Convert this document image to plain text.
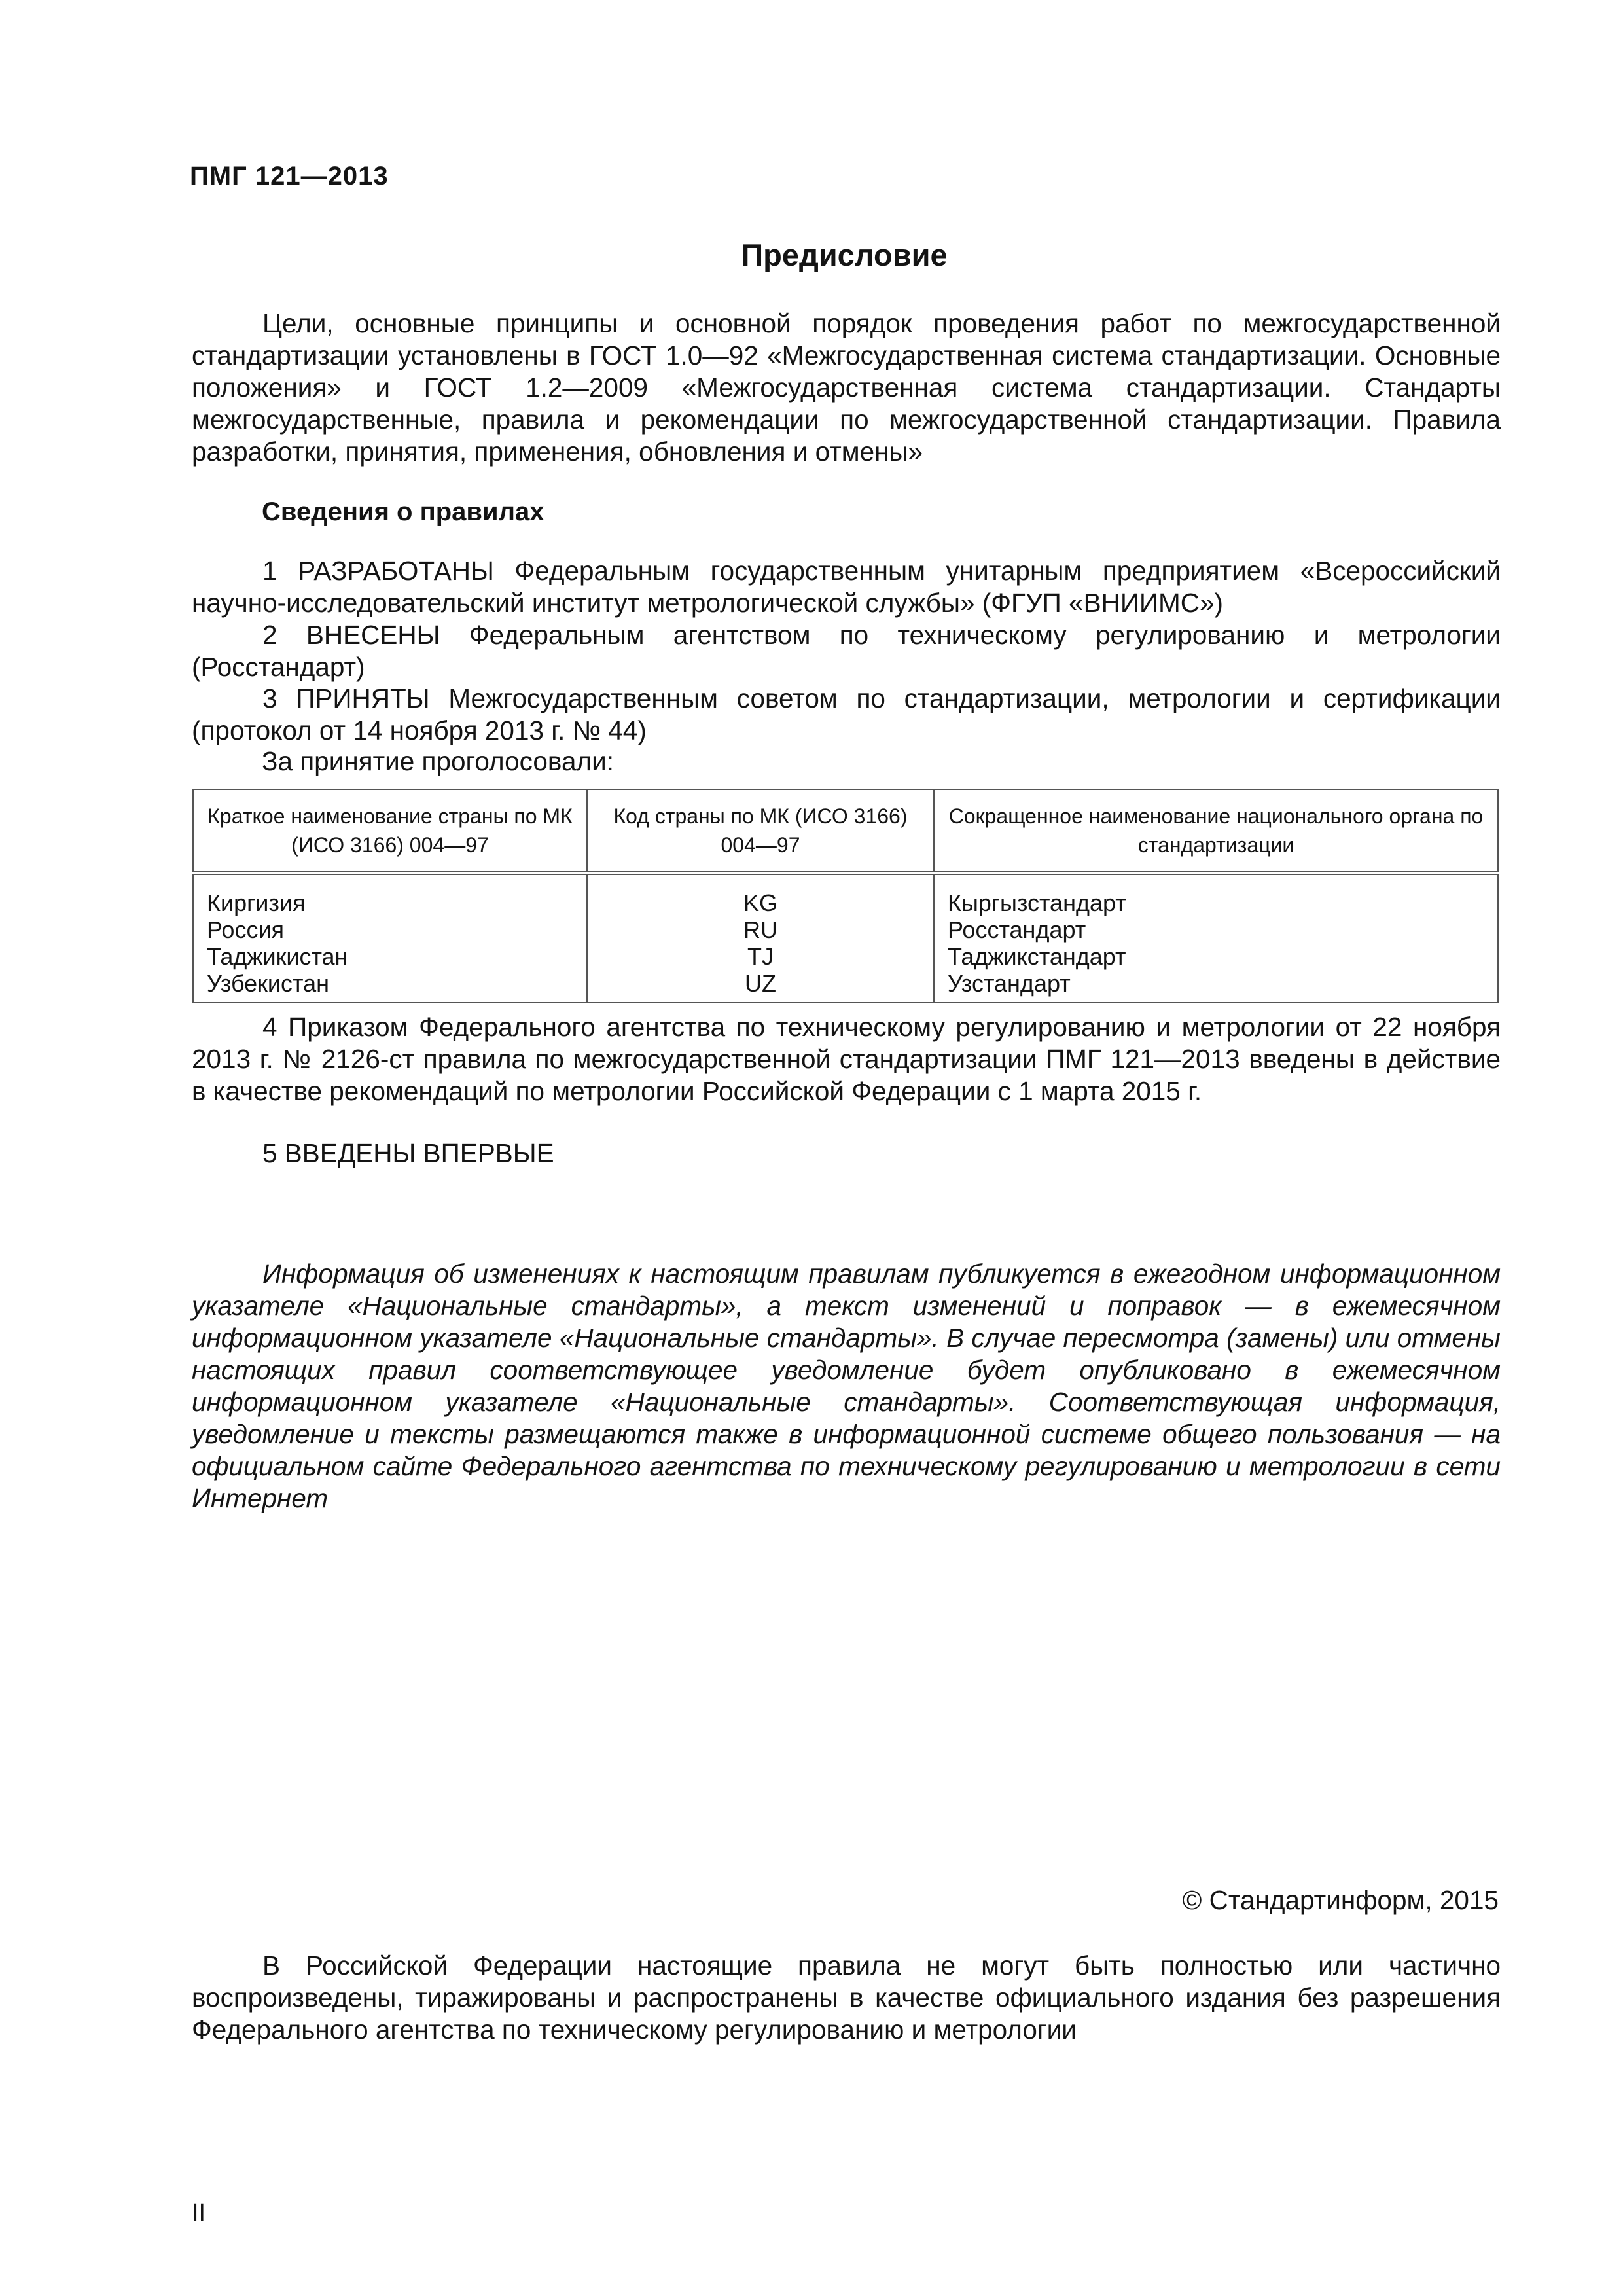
ПМГ 121—2013
Предисловие
Цели, основные принципы и основной порядок проведения работ по межгосударственной стандартизации установлены в ГОСТ 1.0—92 «Межгосударственная система стандартизации. Основные положения» и ГОСТ 1.2—2009 «Межгосударственная система стандартизации. Стандарты межгосударственные, правила и рекомендации по межгосударственной стандартизации. Правила разработки, принятия, применения, обновления и отмены»
Сведения о правилах
1 РАЗРАБОТАНЫ Федеральным государственным унитарным предприятием «Всероссийский научно-исследовательский институт метрологической службы» (ФГУП «ВНИИМС»)
2 ВНЕСЕНЫ Федеральным агентством по техническому регулированию и метрологии (Росстандарт)
3 ПРИНЯТЫ Межгосударственным советом по стандартизации, метрологии и сертификации (протокол от 14 ноября 2013 г. № 44)
За принятие проголосовали:
Краткое наименование страны по МК (ИСО 3166) 004—97	Код страны по МК (ИСО 3166) 004—97	Сокращенное наименование национального органа по стандартизации
Киргизия	KG	Кыргызстандарт
Россия	RU	Росстандарт
Таджикистан	TJ	Таджикстандарт
Узбекистан	UZ	Узстандарт
4 Приказом Федерального агентства по техническому регулированию и метрологии от 22 ноября 2013 г. № 2126-ст правила по межгосударственной стандартизации ПМГ 121—2013 введены в действие в качестве рекомендаций по метрологии Российской Федерации с 1 марта 2015 г.
5 ВВЕДЕНЫ ВПЕРВЫЕ
Информация об изменениях к настоящим правилам публикуется в ежегодном информационном указателе «Национальные стандарты», а текст изменений и поправок — в ежемесячном информационном указателе «Национальные стандарты». В случае пересмотра (замены) или отмены настоящих правил соответствующее уведомление будет опубликовано в ежемесячном информационном указателе «Национальные стандарты». Соответствующая информация, уведомление и тексты размещаются также в информационной системе общего пользования — на официальном сайте Федерального агентства по техническому регулированию и метрологии в сети Интернет
© Стандартинформ, 2015
В Российской Федерации настоящие правила не могут быть полностью или частично воспроизведены, тиражированы и распространены в качестве официального издания без разрешения Федерального агентства по техническому регулированию и метрологии
II
